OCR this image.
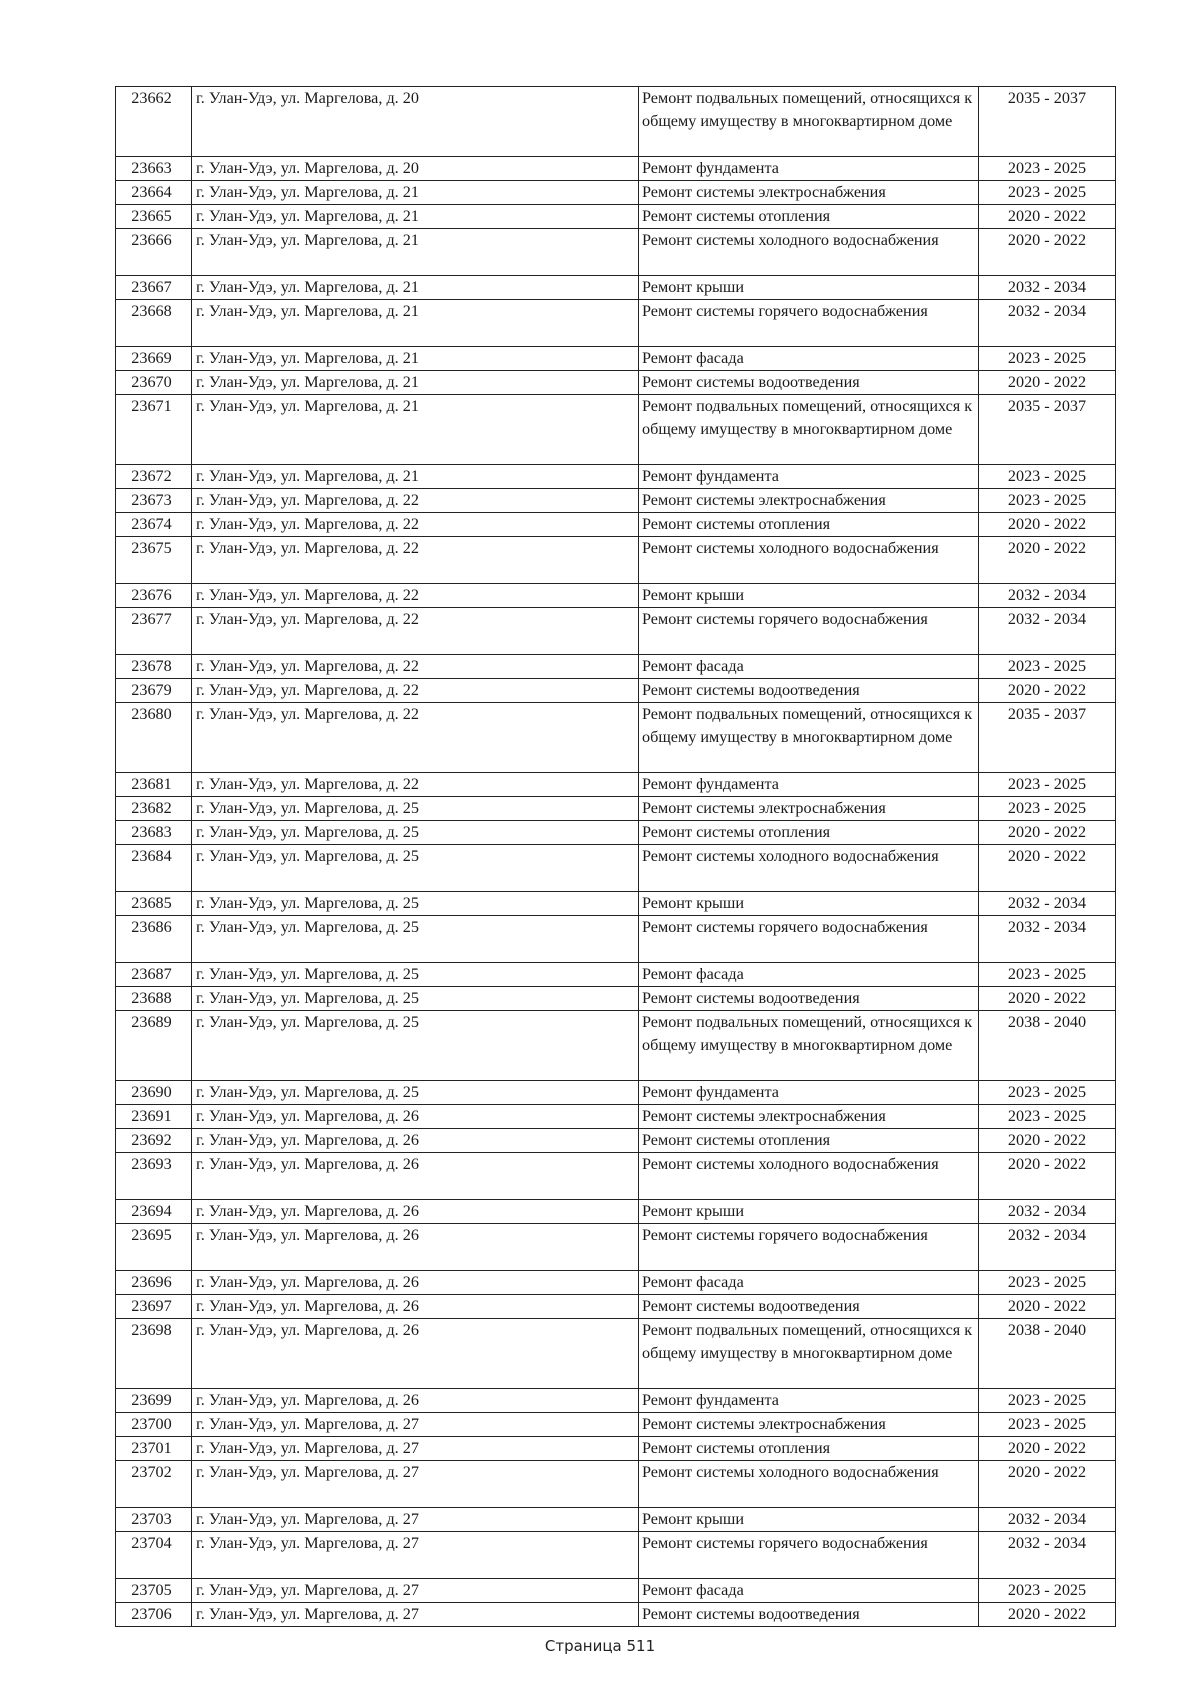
23662	г. Улан-Удэ, ул. Маргелова, д. 20	Ремонт подвальных помещений, относящихся к общему имуществу в многоквартирном доме	2035 - 2037
23663	г. Улан-Удэ, ул. Маргелова, д. 20	Ремонт фундамента	2023 - 2025
23664	г. Улан-Удэ, ул. Маргелова, д. 21	Ремонт системы электроснабжения	2023 - 2025
23665	г. Улан-Удэ, ул. Маргелова, д. 21	Ремонт системы отопления	2020 - 2022
23666	г. Улан-Удэ, ул. Маргелова, д. 21	Ремонт системы холодного водоснабжения	2020 - 2022
23667	г. Улан-Удэ, ул. Маргелова, д. 21	Ремонт крыши	2032 - 2034
23668	г. Улан-Удэ, ул. Маргелова, д. 21	Ремонт системы горячего водоснабжения	2032 - 2034
23669	г. Улан-Удэ, ул. Маргелова, д. 21	Ремонт фасада	2023 - 2025
23670	г. Улан-Удэ, ул. Маргелова, д. 21	Ремонт системы водоотведения	2020 - 2022
23671	г. Улан-Удэ, ул. Маргелова, д. 21	Ремонт подвальных помещений, относящихся к общему имуществу в многоквартирном доме	2035 - 2037
23672	г. Улан-Удэ, ул. Маргелова, д. 21	Ремонт фундамента	2023 - 2025
23673	г. Улан-Удэ, ул. Маргелова, д. 22	Ремонт системы электроснабжения	2023 - 2025
23674	г. Улан-Удэ, ул. Маргелова, д. 22	Ремонт системы отопления	2020 - 2022
23675	г. Улан-Удэ, ул. Маргелова, д. 22	Ремонт системы холодного водоснабжения	2020 - 2022
23676	г. Улан-Удэ, ул. Маргелова, д. 22	Ремонт крыши	2032 - 2034
23677	г. Улан-Удэ, ул. Маргелова, д. 22	Ремонт системы горячего водоснабжения	2032 - 2034
23678	г. Улан-Удэ, ул. Маргелова, д. 22	Ремонт фасада	2023 - 2025
23679	г. Улан-Удэ, ул. Маргелова, д. 22	Ремонт системы водоотведения	2020 - 2022
23680	г. Улан-Удэ, ул. Маргелова, д. 22	Ремонт подвальных помещений, относящихся к общему имуществу в многоквартирном доме	2035 - 2037
23681	г. Улан-Удэ, ул. Маргелова, д. 22	Ремонт фундамента	2023 - 2025
23682	г. Улан-Удэ, ул. Маргелова, д. 25	Ремонт системы электроснабжения	2023 - 2025
23683	г. Улан-Удэ, ул. Маргелова, д. 25	Ремонт системы отопления	2020 - 2022
23684	г. Улан-Удэ, ул. Маргелова, д. 25	Ремонт системы холодного водоснабжения	2020 - 2022
23685	г. Улан-Удэ, ул. Маргелова, д. 25	Ремонт крыши	2032 - 2034
23686	г. Улан-Удэ, ул. Маргелова, д. 25	Ремонт системы горячего водоснабжения	2032 - 2034
23687	г. Улан-Удэ, ул. Маргелова, д. 25	Ремонт фасада	2023 - 2025
23688	г. Улан-Удэ, ул. Маргелова, д. 25	Ремонт системы водоотведения	2020 - 2022
23689	г. Улан-Удэ, ул. Маргелова, д. 25	Ремонт подвальных помещений, относящихся к общему имуществу в многоквартирном доме	2038 - 2040
23690	г. Улан-Удэ, ул. Маргелова, д. 25	Ремонт фундамента	2023 - 2025
23691	г. Улан-Удэ, ул. Маргелова, д. 26	Ремонт системы электроснабжения	2023 - 2025
23692	г. Улан-Удэ, ул. Маргелова, д. 26	Ремонт системы отопления	2020 - 2022
23693	г. Улан-Удэ, ул. Маргелова, д. 26	Ремонт системы холодного водоснабжения	2020 - 2022
23694	г. Улан-Удэ, ул. Маргелова, д. 26	Ремонт крыши	2032 - 2034
23695	г. Улан-Удэ, ул. Маргелова, д. 26	Ремонт системы горячего водоснабжения	2032 - 2034
23696	г. Улан-Удэ, ул. Маргелова, д. 26	Ремонт фасада	2023 - 2025
23697	г. Улан-Удэ, ул. Маргелова, д. 26	Ремонт системы водоотведения	2020 - 2022
23698	г. Улан-Удэ, ул. Маргелова, д. 26	Ремонт подвальных помещений, относящихся к общему имуществу в многоквартирном доме	2038 - 2040
23699	г. Улан-Удэ, ул. Маргелова, д. 26	Ремонт фундамента	2023 - 2025
23700	г. Улан-Удэ, ул. Маргелова, д. 27	Ремонт системы электроснабжения	2023 - 2025
23701	г. Улан-Удэ, ул. Маргелова, д. 27	Ремонт системы отопления	2020 - 2022
23702	г. Улан-Удэ, ул. Маргелова, д. 27	Ремонт системы холодного водоснабжения	2020 - 2022
23703	г. Улан-Удэ, ул. Маргелова, д. 27	Ремонт крыши	2032 - 2034
23704	г. Улан-Удэ, ул. Маргелова, д. 27	Ремонт системы горячего водоснабжения	2032 - 2034
23705	г. Улан-Удэ, ул. Маргелова, д. 27	Ремонт фасада	2023 - 2025
23706	г. Улан-Удэ, ул. Маргелова, д. 27	Ремонт системы водоотведения	2020 - 2022
Страница 511
